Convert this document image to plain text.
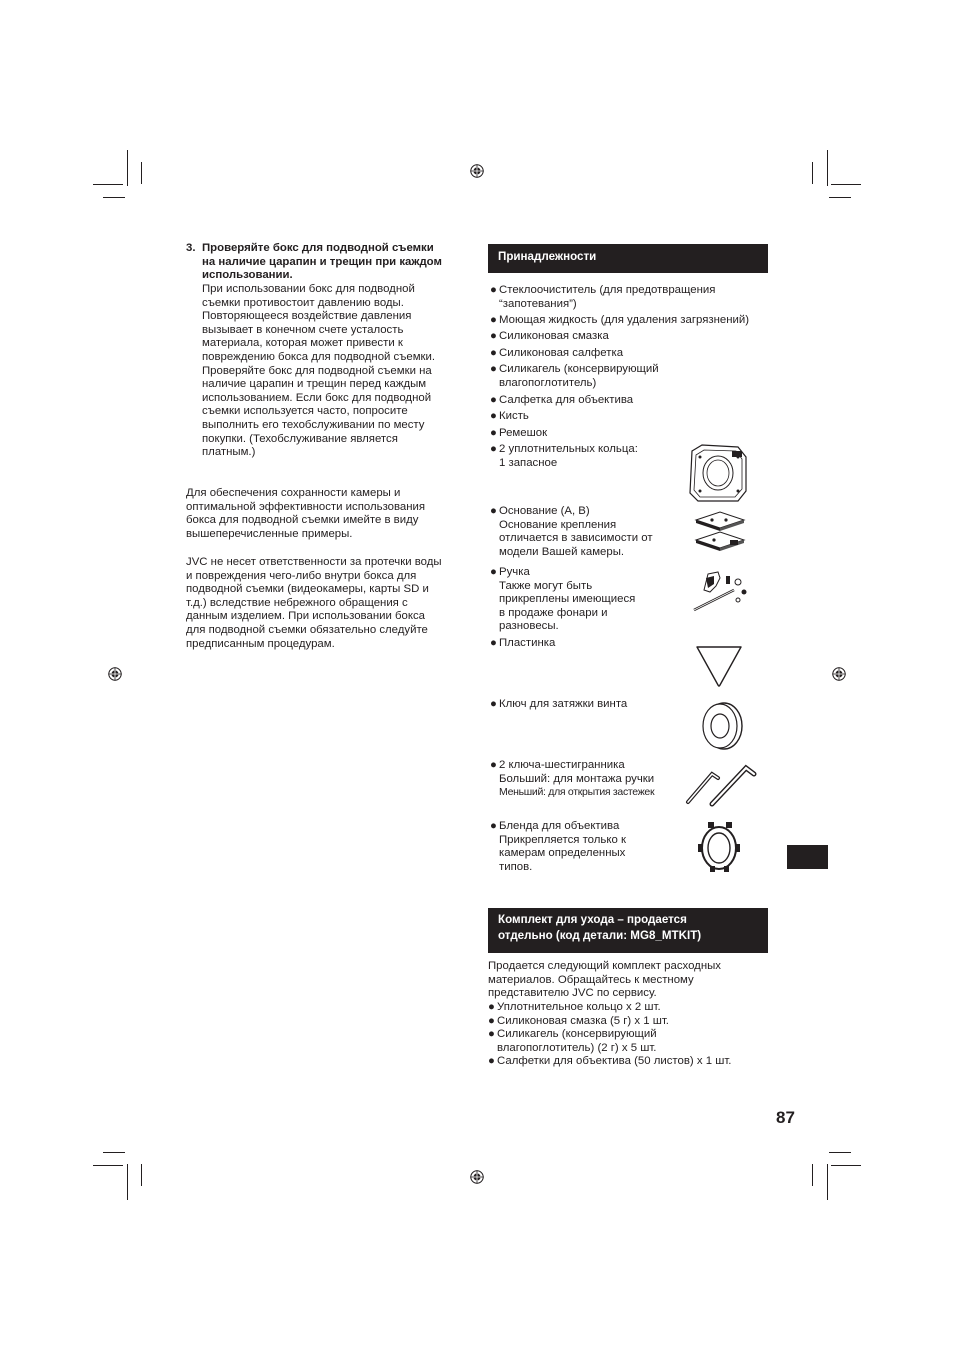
3. Проверяйте бокс для подводной съемки
на наличие царапин и трещин при каждом
использовании.
При использовании бокс для подводной
съемки противостоит давлению воды.
Повторяющееся воздействие давления
вызывает в конечном счете усталость
материала, которая может привести к
повреждению бокса для подводной съемки.
Проверяйте бокс для подводной съемки на
наличие царапин и трещин перед каждым
использованием. Если бокс для подводной
съемки используется часто, попросите
выполнить его техобслуживании по месту
покупки. (Техобслуживание является
платным.)
Для обеспечения сохранности камеры и
оптимальной эффективности использования
бокса для подводной съемки имейте в виду
вышеперечисленные примеры.
JVC не несет ответственности за протечки воды
и повреждения чего-либо внутри бокса для
подводной съемки (видеокамеры, карты SD и
т.д.) вследствие небрежного обращения с
данным изделием. При использовании бокса
для подводной съемки обязательно следуйте
предписанным процедурам.
Принадлежности
● Стеклоочиститель (для предотвращения
“запотевания”)
● Моющая жидкость (для удаления загрязнений)
● Силиконовая смазка
● Силиконовая салфетка
● Силикагель (консервирующий
влагопоглотитель)
● Салфетка для объектива
● Кисть
● Ремешок
● 2 уплотнительных кольца:
1 запасное
● Основание (A, B)
Основание крепления
отличается в зависимости от
модели Вашей камеры.
● Ручка
Также могут быть
прикреплены имеющиеся
в продаже фонари и
разновесы.
● Пластинка
● Ключ для затяжки винта
● 2 ключа-шестигранника
Больший: для монтажа ручки
Меньший: для открытия застежек
● Бленда для объектива
Прикрепляется только к
камерам определенных
типов.
Комплект для ухода – продается
отдельно (код детали: MG8_MTKIT)
Продается следующий комплект расходных
материалов. Обращайтесь к местному
представителю JVC по сервису.
● Уплотнительное кольцо x 2 шт.
● Силиконовая смазка (5 г) x 1 шт.
● Силикагель (консервирующий
влагопоглотитель) (2 г) x 5 шт.
● Салфетки для объектива (50 листов) x 1 шт.
87
